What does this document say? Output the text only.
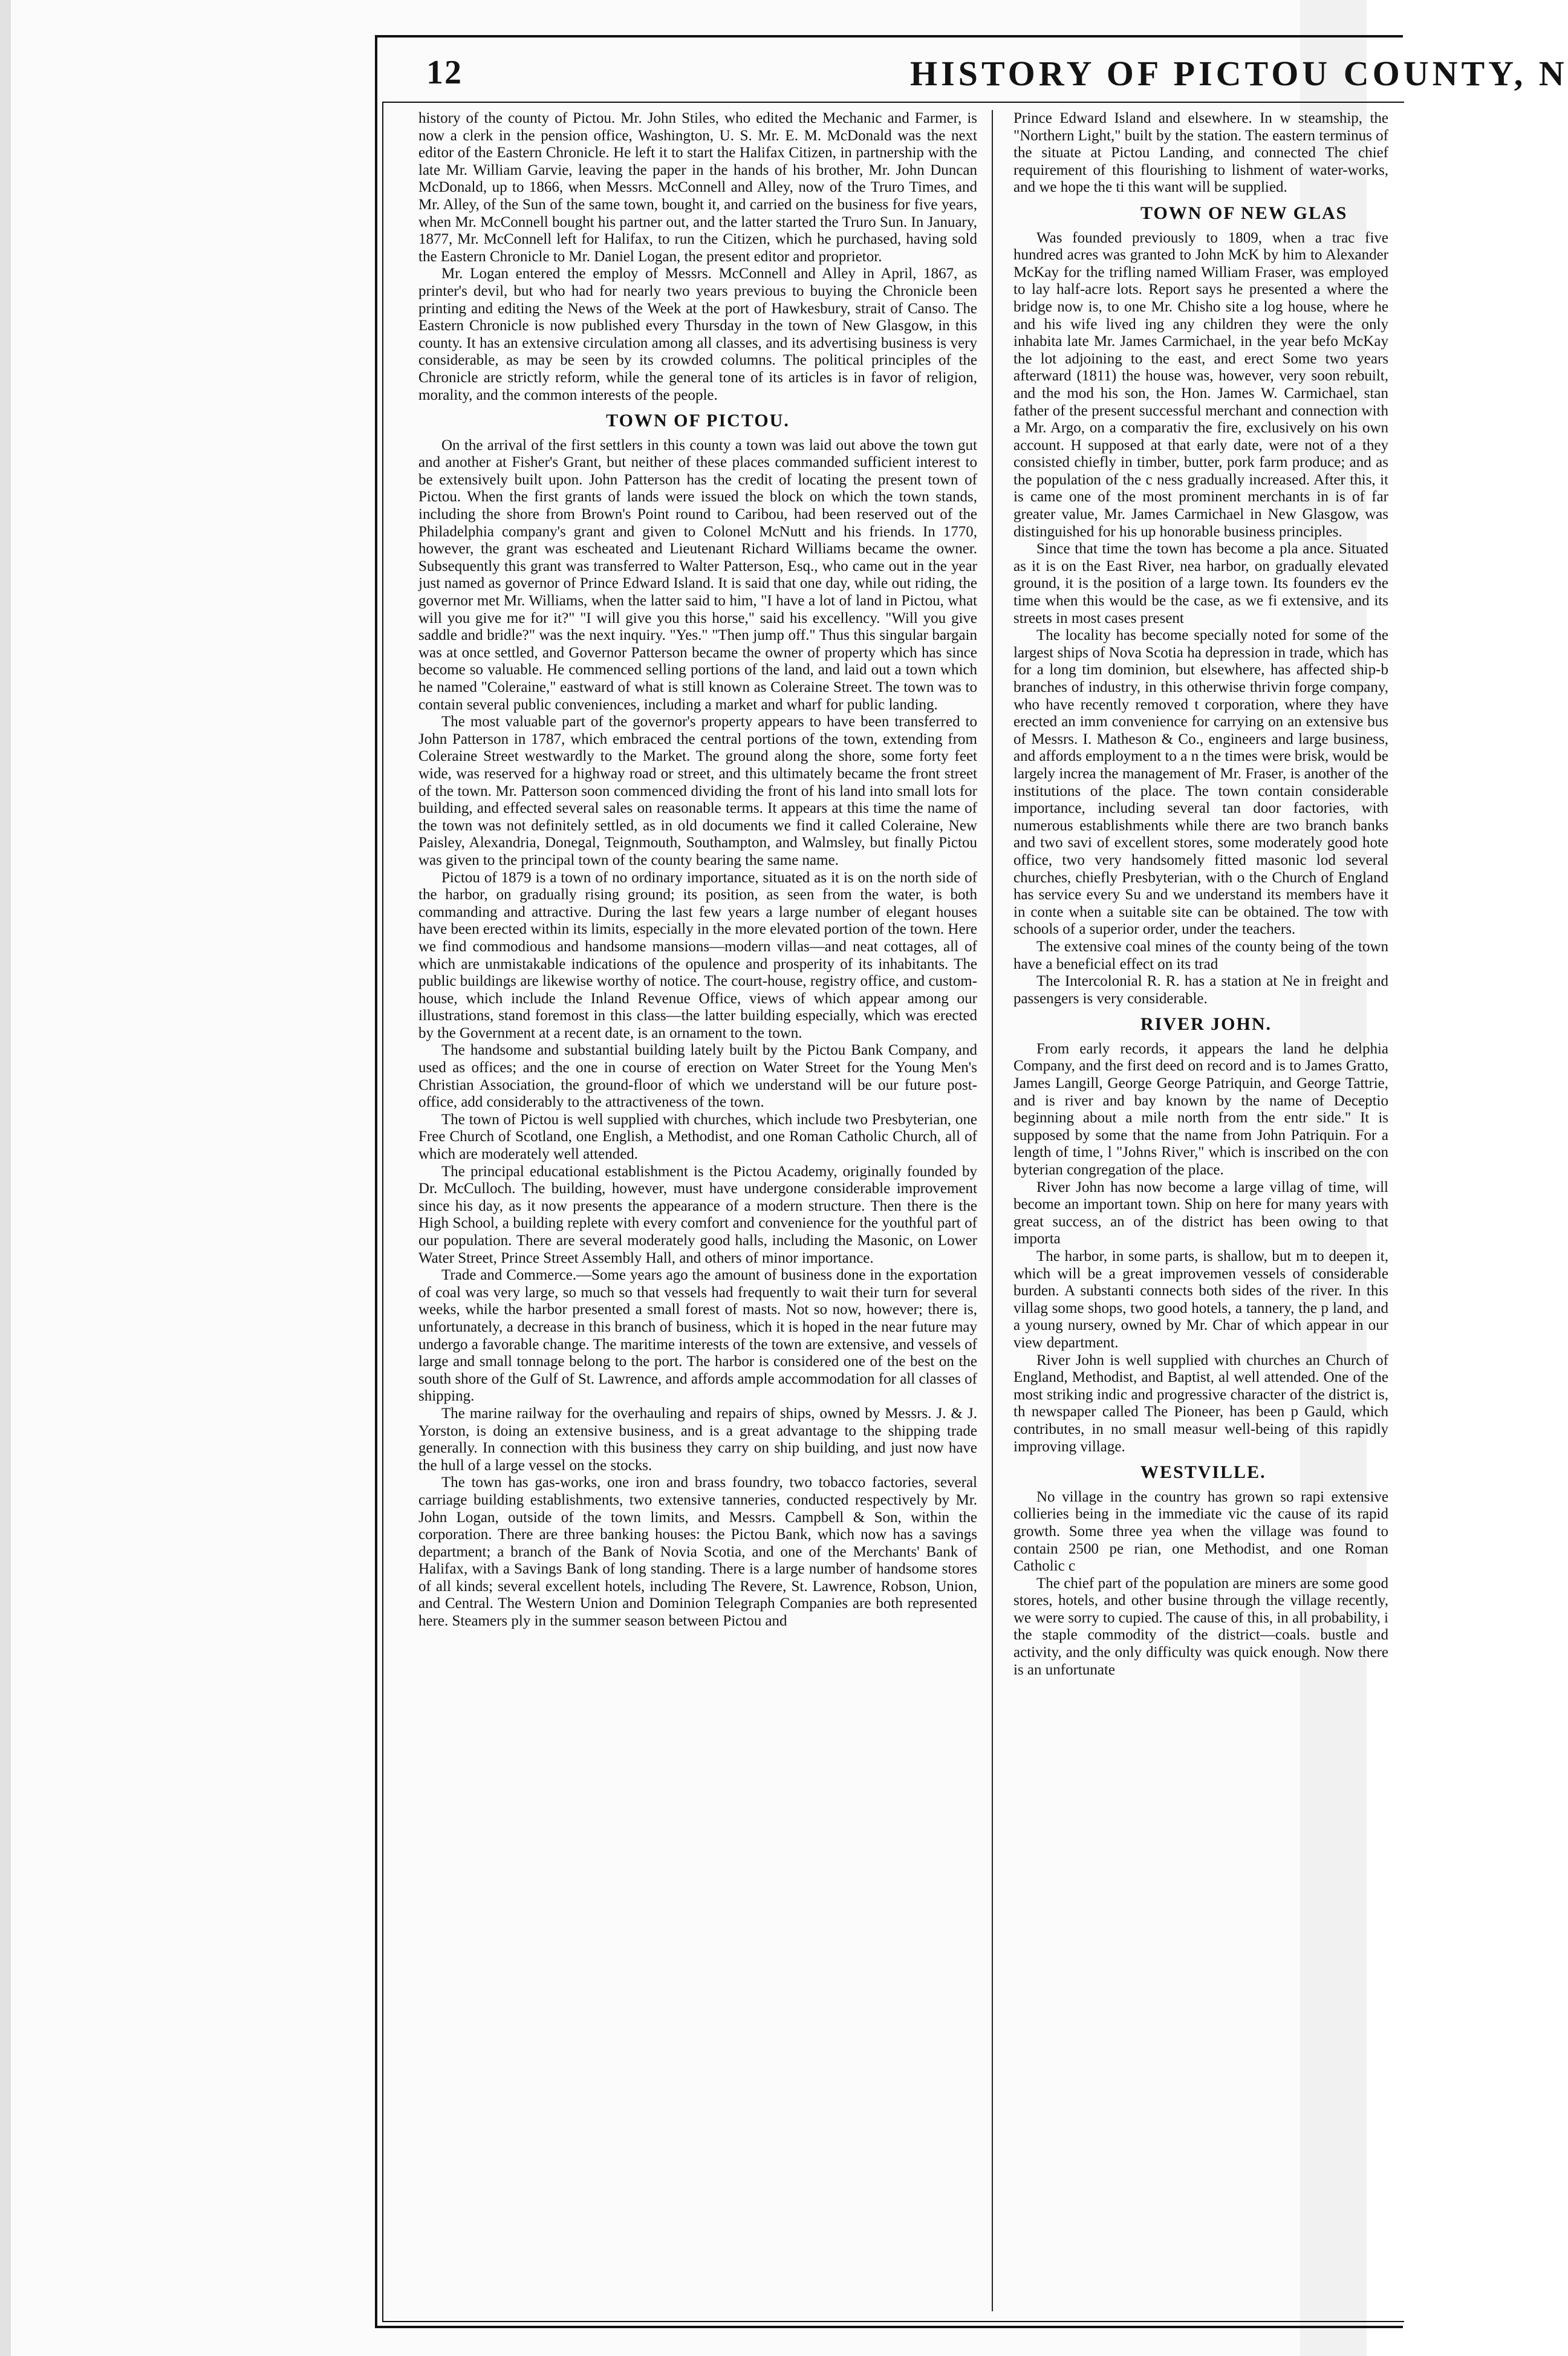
12	HISTORY OF PICTOU COUNTY, N

history of the county of Pictou. Mr. John Stiles, who edited the Mechanic and Farmer, is now a clerk in the pension office, Washington, U. S. Mr. E. M. McDonald was the next editor of the Eastern Chronicle. He left it to start the Halifax Citizen, in partnership with the late Mr. William Garvie, leaving the paper in the hands of his brother, Mr. John Duncan McDonald, up to 1866, when Messrs. McConnell and Alley, now of the Truro Times, and Mr. Alley, of the Sun of the same town, bought it, and carried on the business for five years, when Mr. McConnell bought his partner out, and the latter started the Truro Sun. In January, 1877, Mr. McConnell left for Halifax, to run the Citizen, which he purchased, having sold the Eastern Chronicle to Mr. Daniel Logan, the present editor and proprietor.

Mr. Logan entered the employ of Messrs. McConnell and Alley in April, 1867, as printer's devil, but who had for nearly two years previous to buying the Chronicle been printing and editing the News of the Week at the port of Hawkesbury, strait of Canso. The Eastern Chronicle is now published every Thursday in the town of New Glasgow, in this county. It has an extensive circulation among all classes, and its advertising business is very considerable, as may be seen by its crowded columns. The political principles of the Chronicle are strictly reform, while the general tone of its articles is in favor of religion, morality, and the common interests of the people.

TOWN OF PICTOU.

On the arrival of the first settlers in this county a town was laid out above the town gut and another at Fisher's Grant, but neither of these places commanded sufficient interest to be extensively built upon. John Patterson has the credit of locating the present town of Pictou. When the first grants of lands were issued the block on which the town stands, including the shore from Brown's Point round to Caribou, had been reserved out of the Philadelphia company's grant and given to Colonel McNutt and his friends. In 1770, however, the grant was escheated and Lieutenant Richard Williams became the owner. Subsequently this grant was transferred to Walter Patterson, Esq., who came out in the year just named as governor of Prince Edward Island. It is said that one day, while out riding, the governor met Mr. Williams, when the latter said to him, "I have a lot of land in Pictou, what will you give me for it?" "I will give you this horse," said his excellency. "Will you give saddle and bridle?" was the next inquiry. "Yes." "Then jump off." Thus this singular bargain was at once settled, and Governor Patterson became the owner of property which has since become so valuable. He commenced selling portions of the land, and laid out a town which he named "Coleraine," eastward of what is still known as Coleraine Street. The town was to contain several public conveniences, including a market and wharf for public landing.

The most valuable part of the governor's property appears to have been transferred to John Patterson in 1787, which embraced the central portions of the town, extending from Coleraine Street westwardly to the Market. The ground along the shore, some forty feet wide, was reserved for a highway road or street, and this ultimately became the front street of the town. Mr. Patterson soon commenced dividing the front of his land into small lots for building, and effected several sales on reasonable terms. It appears at this time the name of the town was not definitely settled, as in old documents we find it called Coleraine, New Paisley, Alexandria, Donegal, Teignmouth, Southampton, and Walmsley, but finally Pictou was given to the principal town of the county bearing the same name.

Pictou of 1879 is a town of no ordinary importance, situated as it is on the north side of the harbor, on gradually rising ground; its position, as seen from the water, is both commanding and attractive. During the last few years a large number of elegant houses have been erected within its limits, especially in the more elevated portion of the town. Here we find commodious and handsome mansions—modern villas—and neat cottages, all of which are unmistakable indications of the opulence and prosperity of its inhabitants. The public buildings are likewise worthy of notice. The court-house, registry office, and custom-house, which include the Inland Revenue Office, views of which appear among our illustrations, stand foremost in this class—the latter building especially, which was erected by the Government at a recent date, is an ornament to the town.

The handsome and substantial building lately built by the Pictou Bank Company, and used as offices; and the one in course of erection on Water Street for the Young Men's Christian Association, the ground-floor of which we understand will be our future post-office, add considerably to the attractiveness of the town.

The town of Pictou is well supplied with churches, which include two Presbyterian, one Free Church of Scotland, one English, a Methodist, and one Roman Catholic Church, all of which are moderately well attended.

The principal educational establishment is the Pictou Academy, originally founded by Dr. McCulloch. The building, however, must have undergone considerable improvement since his day, as it now presents the appearance of a modern structure. Then there is the High School, a building replete with every comfort and convenience for the youthful part of our population. There are several moderately good halls, including the Masonic, on Lower Water Street, Prince Street Assembly Hall, and others of minor importance.

Trade and Commerce.—Some years ago the amount of business done in the exportation of coal was very large, so much so that vessels had frequently to wait their turn for several weeks, while the harbor presented a small forest of masts. Not so now, however; there is, unfortunately, a decrease in this branch of business, which it is hoped in the near future may undergo a favorable change. The maritime interests of the town are extensive, and vessels of large and small tonnage belong to the port. The harbor is considered one of the best on the south shore of the Gulf of St. Lawrence, and affords ample accommodation for all classes of shipping.

The marine railway for the overhauling and repairs of ships, owned by Messrs. J. & J. Yorston, is doing an extensive business, and is a great advantage to the shipping trade generally. In connection with this business they carry on ship building, and just now have the hull of a large vessel on the stocks.

The town has gas-works, one iron and brass foundry, two tobacco factories, several carriage building establishments, two extensive tanneries, conducted respectively by Mr. John Logan, outside of the town limits, and Messrs. Campbell & Son, within the corporation. There are three banking houses: the Pictou Bank, which now has a savings department; a branch of the Bank of Novia Scotia, and one of the Merchants' Bank of Halifax, with a Savings Bank of long standing. There is a large number of handsome stores of all kinds; several excellent hotels, including The Revere, St. Lawrence, Robson, Union, and Central. The Western Union and Dominion Telegraph Companies are both represented here. Steamers ply in the summer season between Pictou and

Prince Edward Island and elsewhere. In w steamship, the "Northern Light," built by the station. The eastern terminus of the situate at Pictou Landing, and connected The chief requirement of this flourishing to lishment of water-works, and we hope the ti this want will be supplied.

TOWN OF NEW GLAS

Was founded previously to 1809, when a trac five hundred acres was granted to John McK by him to Alexander McKay for the trifling named William Fraser, was employed to lay half-acre lots. Report says he presented a where the bridge now is, to one Mr. Chisho site a log house, where he and his wife lived ing any children they were the only inhabita late Mr. James Carmichael, in the year befo McKay the lot adjoining to the east, and erect Some two years afterward (1811) the house was, however, very soon rebuilt, and the mod his son, the Hon. James W. Carmichael, stan father of the present successful merchant and connection with a Mr. Argo, on a comparativ the fire, exclusively on his own account. H supposed at that early date, were not of a they consisted chiefly in timber, butter, pork farm produce; and as the population of the c ness gradually increased. After this, it is came one of the most prominent merchants in is of far greater value, Mr. James Carmichael in New Glasgow, was distinguished for his up honorable business principles.

Since that time the town has become a pla ance. Situated as it is on the East River, nea harbor, on gradually elevated ground, it is the position of a large town. Its founders ev the time when this would be the case, as we fi extensive, and its streets in most cases present

The locality has become specially noted for some of the largest ships of Nova Scotia ha depression in trade, which has for a long tim dominion, but elsewhere, has affected ship-b branches of industry, in this otherwise thrivin forge company, who have recently removed t corporation, where they have erected an imm convenience for carrying on an extensive bus of Messrs. I. Matheson & Co., engineers and large business, and affords employment to a n the times were brisk, would be largely increa the management of Mr. Fraser, is another of the institutions of the place. The town contain considerable importance, including several tan door factories, with numerous establishments while there are two branch banks and two savi of excellent stores, some moderately good hote office, two very handsomely fitted masonic lod several churches, chiefly Presbyterian, with o the Church of England has service every Su and we understand its members have it in conte when a suitable site can be obtained. The tow with schools of a superior order, under the teachers.

The extensive coal mines of the county being of the town have a beneficial effect on its trad

The Intercolonial R. R. has a station at Ne in freight and passengers is very considerable.

RIVER JOHN.

From early records, it appears the land he delphia Company, and the first deed on record and is to James Gratto, James Langill, George George Patriquin, and George Tattrie, and is river and bay known by the name of Deceptio beginning about a mile north from the entr side." It is supposed by some that the name from John Patriquin. For a length of time, l "Johns River," which is inscribed on the con byterian congregation of the place.

River John has now become a large villag of time, will become an important town. Ship on here for many years with great success, an of the district has been owing to that importa

The harbor, in some parts, is shallow, but m to deepen it, which will be a great improvemen vessels of considerable burden. A substanti connects both sides of the river. In this villag some shops, two good hotels, a tannery, the p land, and a young nursery, owned by Mr. Char of which appear in our view department.

River John is well supplied with churches an Church of England, Methodist, and Baptist, al well attended. One of the most striking indic and progressive character of the district is, th newspaper called The Pioneer, has been p Gauld, which contributes, in no small measur well-being of this rapidly improving village.

WESTVILLE.

No village in the country has grown so rapi extensive collieries being in the immediate vic the cause of its rapid growth. Some three yea when the village was found to contain 2500 pe rian, one Methodist, and one Roman Catholic c

The chief part of the population are miners are some good stores, hotels, and other busine through the village recently, we were sorry to cupied. The cause of this, in all probability, i the staple commodity of the district—coals. bustle and activity, and the only difficulty was quick enough. Now there is an unfortunate
